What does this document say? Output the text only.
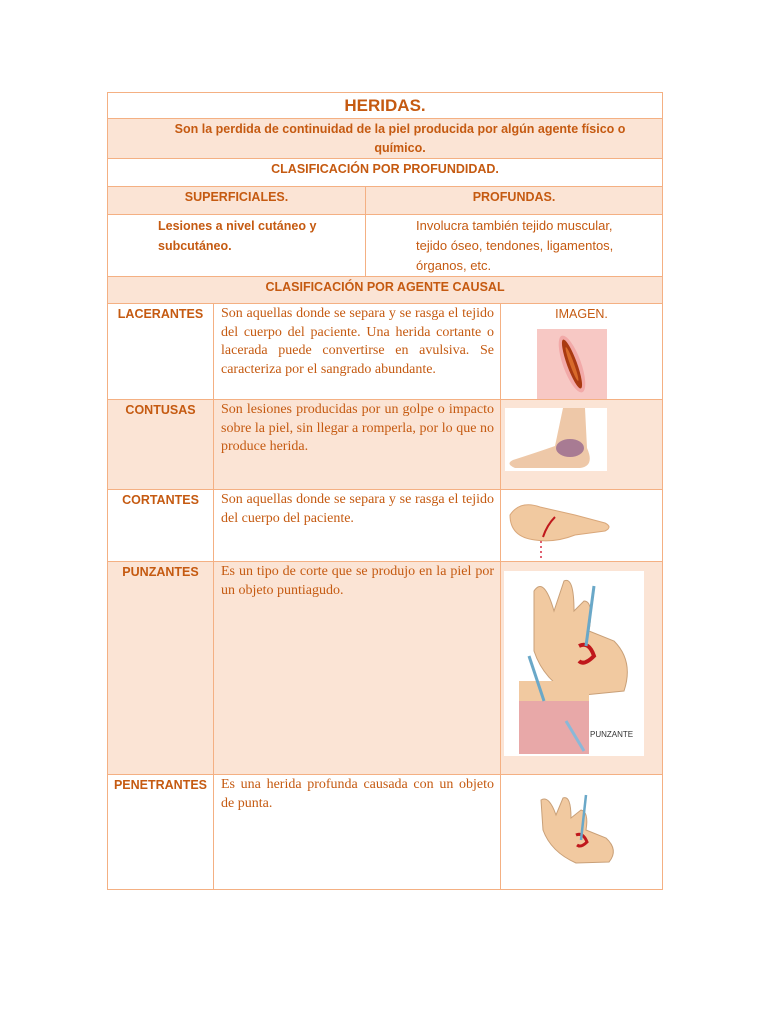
HERIDAS.			
Son la perdida de continuidad de la piel producida por algún agente físico o químico.			
CLASIFICACIÓN POR PROFUNDIDAD.			
SUPERFICIALES.		PROFUNDAS.	
Lesiones a nivel cutáneo y subcutáneo.		Involucra también tejido muscular, tejido óseo, tendones, ligamentos, órganos, etc.	
CLASIFICACIÓN POR AGENTE CAUSAL			
LACERANTES	Son aquellas donde se separa y se rasga el tejido del cuerpo del paciente. Una herida cortante o lacerada puede convertirse en avulsiva. Se caracteriza por el sangrado abundante.		IMAGEN.

CONTUSAS	Son lesiones producidas por un golpe o impacto sobre la piel, sin llegar a romperla, por lo que no produce herida.	

CORTANTES	Son aquellas donde se separa y se rasga el tejido del cuerpo del paciente.	

PUNZANTES	Es un tipo de corte que se produjo en la piel por un objeto puntiagudo.		PUNZANTE

PENETRANTES	Es una herida profunda causada con un objeto de punta.	
